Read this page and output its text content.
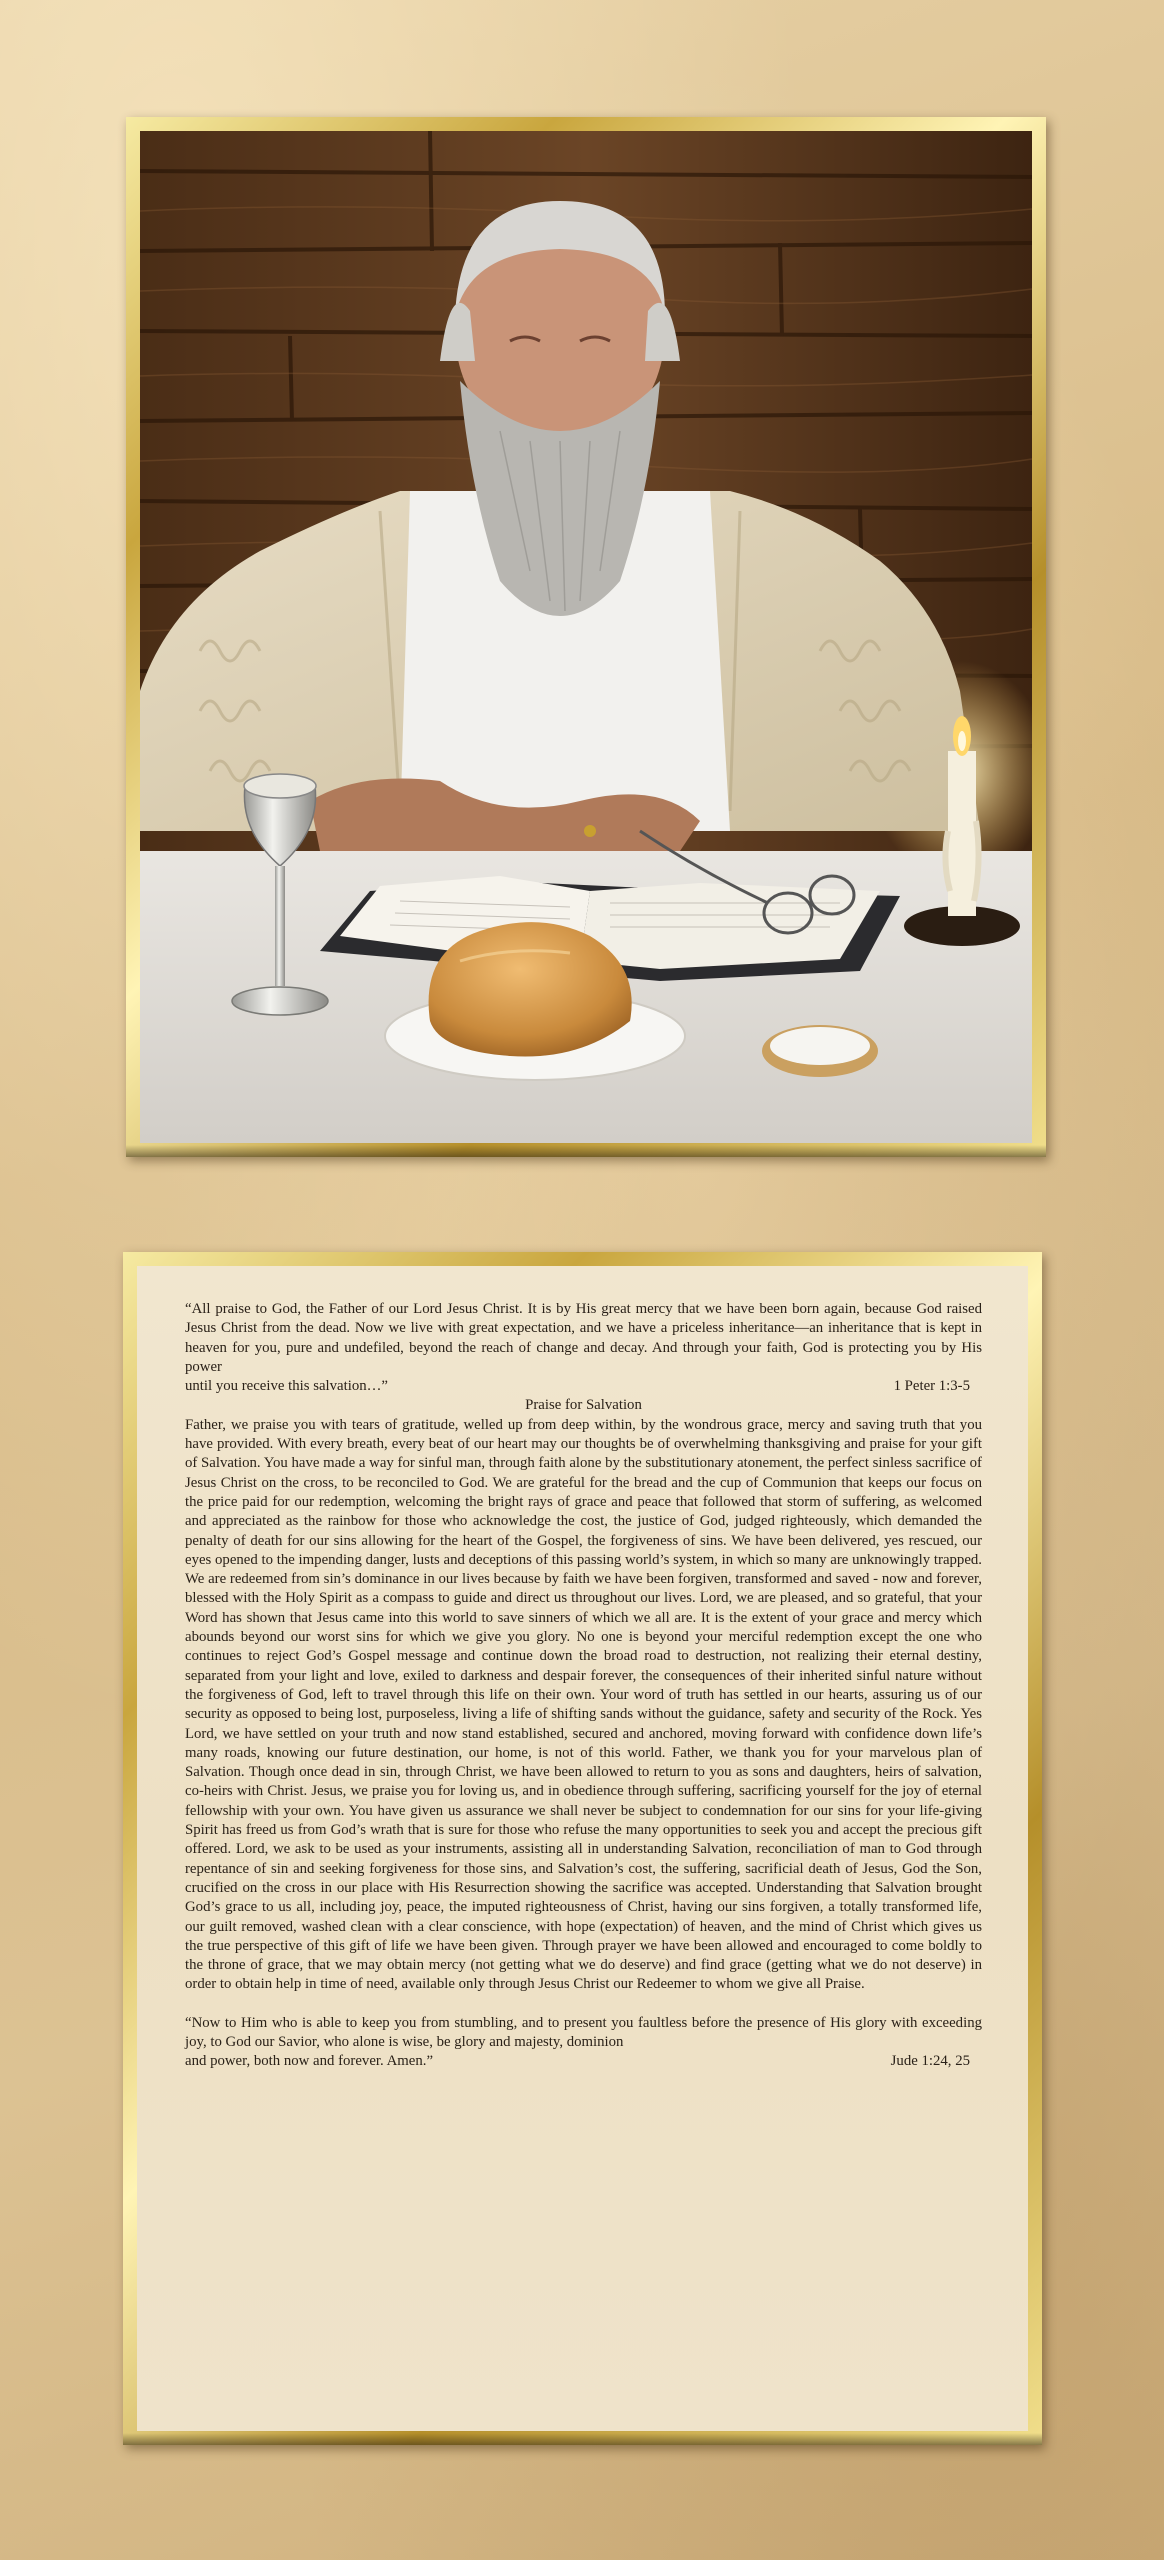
“All praise to God, the Father of our Lord Jesus Christ. It is by His great mercy that we have been born again, because God raised Jesus Christ from the dead. Now we live with great expectation, and we have a priceless inheritance—an inheritance that is kept in heaven for you, pure and undefiled, beyond the reach of change and decay. And through your faith, God is protecting you by His power

until you receive this salvation…”	1 Peter 1:3-5

Praise for Salvation

Father, we praise you with tears of gratitude, welled up from deep within, by the wondrous grace, mercy and saving truth that you have provided. With every breath, every beat of our heart may our thoughts be of overwhelming thanksgiving and praise for your gift of Salvation. You have made a way for sinful man, through faith alone by the substitutionary atonement, the perfect sinless sacrifice of Jesus Christ on the cross, to be reconciled to God. We are grateful for the bread and the cup of Communion that keeps our focus on the price paid for our redemption, welcoming the bright rays of grace and peace that followed that storm of suffering, as welcomed and appreciated as the rainbow for those who acknowledge the cost, the justice of God, judged righteously, which demanded the penalty of death for our sins allowing for the heart of the Gospel, the forgiveness of sins. We have been delivered, yes rescued, our eyes opened to the impending danger, lusts and deceptions of this passing world’s system, in which so many are unknowingly trapped. We are redeemed from sin’s dominance in our lives because by faith we have been forgiven, transformed and saved - now and forever, blessed with the Holy Spirit as a compass to guide and direct us throughout our lives. Lord, we are pleased, and so grateful, that your Word has shown that Jesus came into this world to save sinners of which we all are. It is the extent of your grace and mercy which abounds beyond our worst sins for which we give you glory. No one is beyond your merciful redemption except the one who continues to reject God’s Gospel message and continue down the broad road to destruction, not realizing their eternal destiny, separated from your light and love, exiled to darkness and despair forever, the consequences of their inherited sinful nature without the forgiveness of God, left to travel through this life on their own. Your word of truth has settled in our hearts, assuring us of our security as opposed to being lost, purposeless, living a life of shifting sands without the guidance, safety and security of the Rock. Yes Lord, we have settled on your truth and now stand established, secured and anchored, moving forward with confidence down life’s many roads, knowing our future destination, our home, is not of this world. Father, we thank you for your marvelous plan of Salvation. Though once dead in sin, through Christ, we have been allowed to return to you as sons and daughters, heirs of salvation, co-heirs with Christ. Jesus, we praise you for loving us, and in obedience through suffering, sacrificing yourself for the joy of eternal fellowship with your own. You have given us assurance we shall never be subject to condemnation for our sins for your life-giving Spirit has freed us from God’s wrath that is sure for those who refuse the many opportunities to seek you and accept the precious gift offered. Lord, we ask to be used as your instruments, assisting all in understanding Salvation, reconciliation of man to God through repentance of sin and seeking forgiveness for those sins, and Salvation’s cost, the suffering, sacrificial death of Jesus, God the Son, crucified on the cross in our place with His Resurrection showing the sacrifice was accepted. Understanding that Salvation brought God’s grace to us all, including joy, peace, the imputed righteousness of Christ, having our sins forgiven, a totally transformed life, our guilt removed, washed clean with a clear conscience, with hope (expectation) of heaven, and the mind of Christ which gives us the true perspective of this gift of life we have been given. Through prayer we have been allowed and encouraged to come boldly to the throne of grace, that we may obtain mercy (not getting what we do deserve) and find grace (getting what we do not deserve) in order to obtain help in time of need, available only through Jesus Christ our Redeemer to whom we give all Praise.

“Now to Him who is able to keep you from stumbling, and to present you faultless before the presence of His glory with exceeding joy, to God our Savior, who alone is wise, be glory and majesty, dominion

and power, both now and forever. Amen.”	Jude 1:24, 25
